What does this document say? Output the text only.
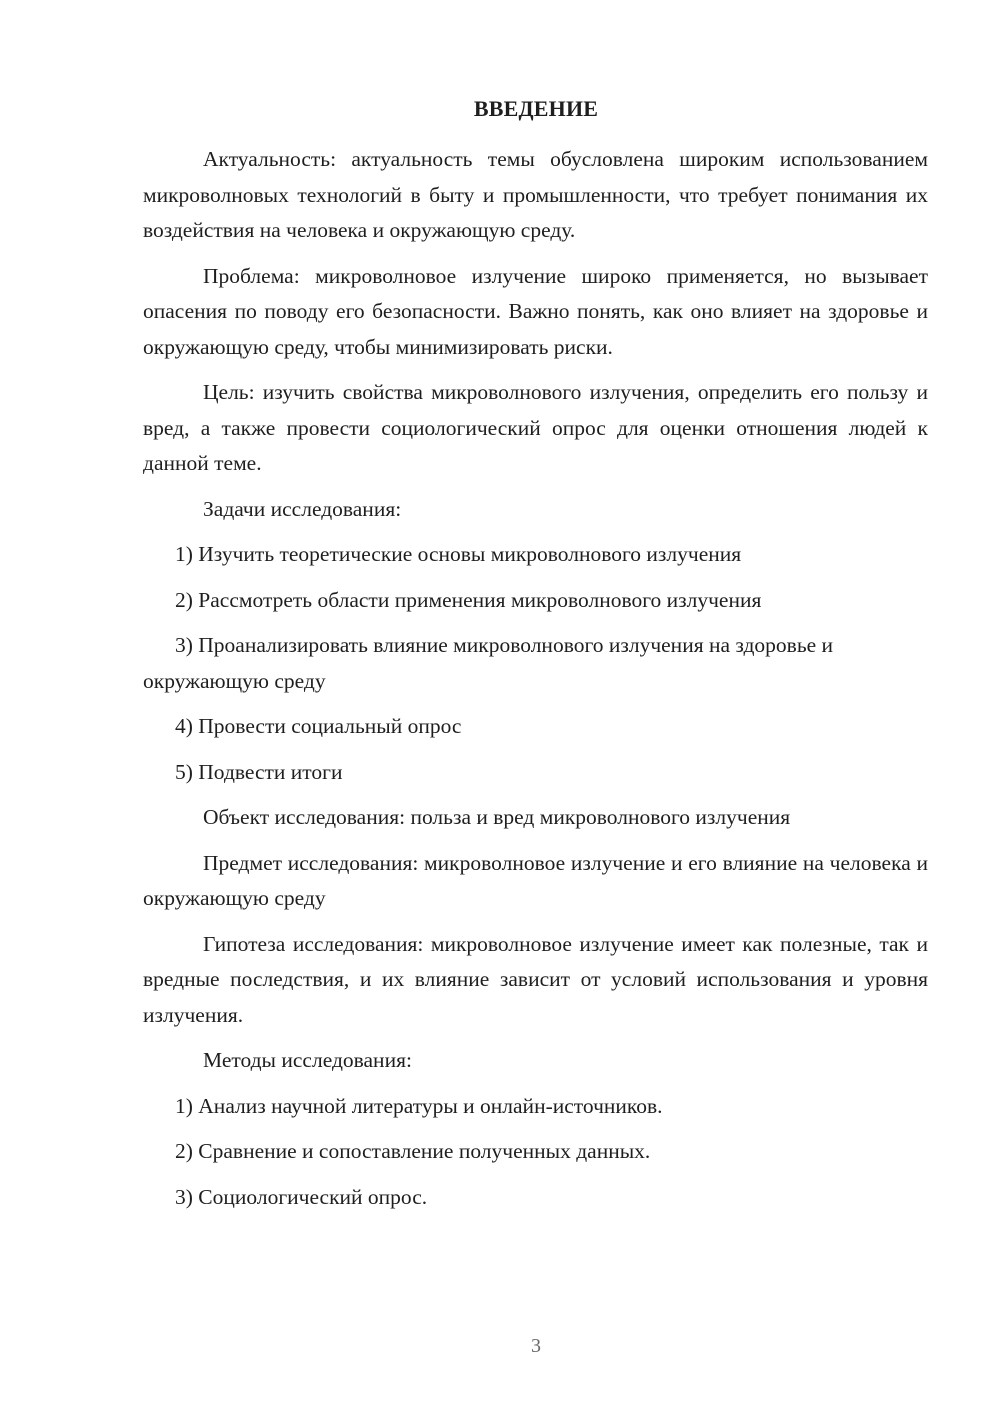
ВВЕДЕНИЕ

Актуальность: актуальность темы обусловлена широким использованием микроволновых технологий в быту и промышленности, что требует понимания их воздействия на человека и окружающую среду.

Проблема: микроволновое излучение широко применяется, но вызывает опасения по поводу его безопасности. Важно понять, как оно влияет на здоровье и окружающую среду, чтобы минимизировать риски.

Цель: изучить свойства микроволнового излучения, определить его пользу и вред, а также провести социологический опрос для оценки отношения людей к данной теме.

Задачи исследования:

1) Изучить теоретические основы микроволнового излучения

2) Рассмотреть области применения микроволнового излучения

3) Проанализировать влияние микроволнового излучения на здоровье и окружающую среду

4) Провести социальный опрос

5) Подвести итоги

Объект исследования: польза и вред микроволнового излучения

Предмет исследования: микроволновое излучение и его влияние на человека и окружающую среду

Гипотеза исследования: микроволновое излучение имеет как полезные, так и вредные последствия, и их влияние зависит от условий использования и уровня излучения.

Методы исследования:

1) Анализ научной литературы и онлайн-источников.

2) Сравнение и сопоставление полученных данных.

3) Социологический опрос.

3
